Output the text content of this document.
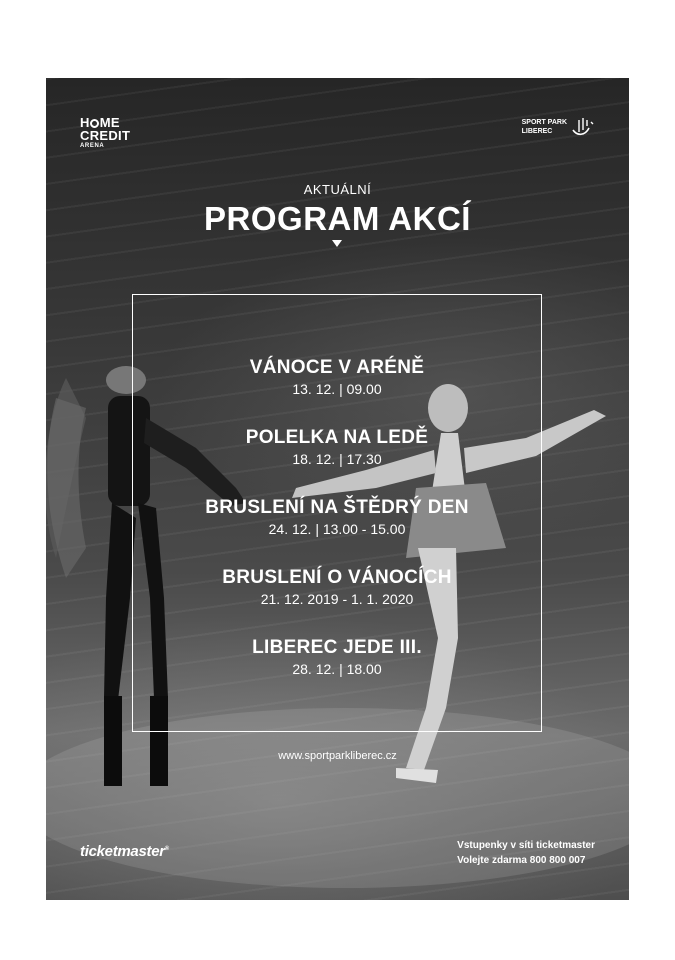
H ME
CREDIT
ARENA
SPORT PARK
LIBEREC
AKTUÁLNÍ
PROGRAM AKCÍ
VÁNOCE V ARÉNĚ
13. 12. | 09.00
POLELKA NA LEDĚ
18. 12. | 17.30
BRUSLENÍ NA ŠTĚDRÝ DEN
24. 12. | 13.00 - 15.00
BRUSLENÍ O VÁNOCÍCH
21. 12. 2019 - 1. 1. 2020
LIBEREC JEDE III.
28. 12. | 18.00
www.sportparkliberec.cz
ticketmaster®	Vstupenky v síti ticketmaster
Volejte zdarma 800 800 007
